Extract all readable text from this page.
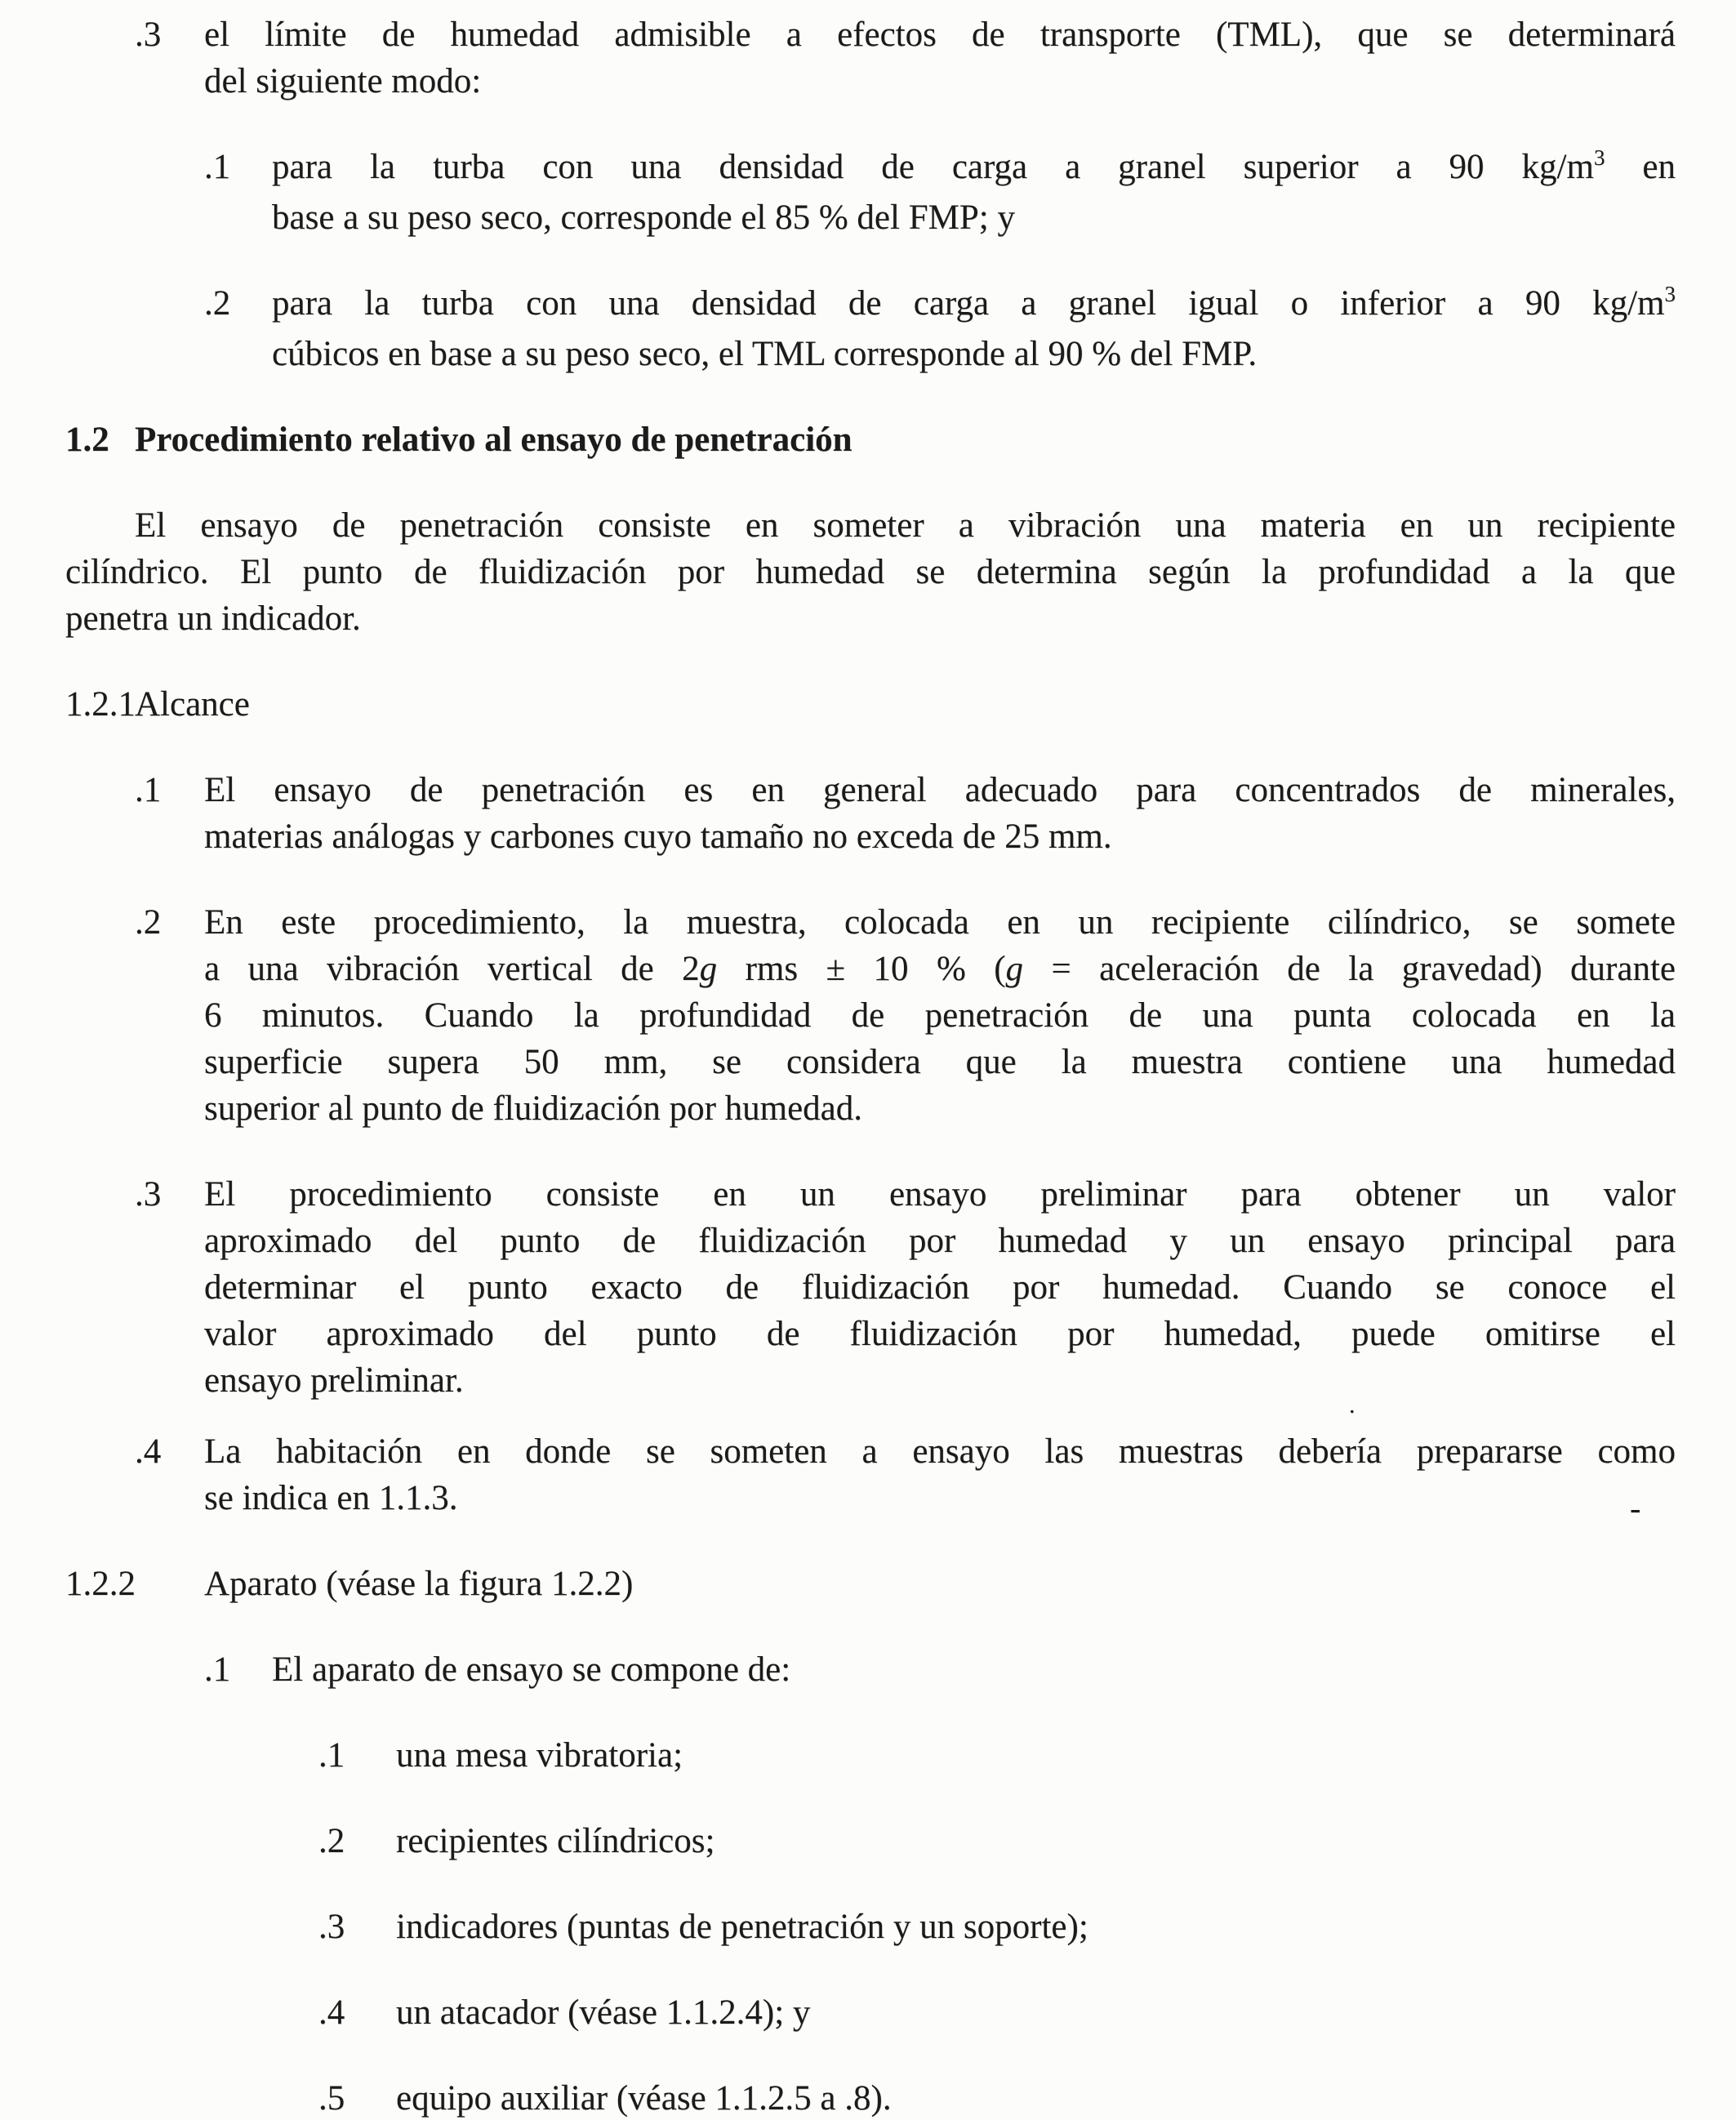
.3 el límite de humedad admisible a efectos de transporte (TML), que se determinará
del siguiente modo:
.1 para la turba con una densidad de carga a granel superior a 90 $kg/m^3$ en
base a su peso seco, corresponde el 85 % del FMP; y
.2 para la turba con una densidad de carga a granel igual o inferior a 90 $kg/m^3$
cúbicos en base a su peso seco, el TML corresponde al 90 % del FMP.
1.2 Procedimiento relativo al ensayo de penetración
El ensayo de penetración consiste en someter a vibración una materia en un recipiente
cilíndrico. El punto de fluidización por humedad se determina según la profundidad a la que
penetra un indicador.
1.2.1 Alcance
.1 El ensayo de penetración es en general adecuado para concentrados de minerales,
materias análogas y carbones cuyo tamaño no exceda de 25 mm.
.2 En este procedimiento, la muestra, colocada en un recipiente cilíndrico, se somete
a una vibración vertical de 2g rms ± 10 % (g = aceleración de la gravedad) durante
6 minutos. Cuando la profundidad de penetración de una punta colocada en la
superficie supera 50 mm, se considera que la muestra contiene una humedad
superior al punto de fluidización por humedad.
.3 El procedimiento consiste en un ensayo preliminar para obtener un valor
aproximado del punto de fluidización por humedad y un ensayo principal para
determinar el punto exacto de fluidización por humedad. Cuando se conoce el
valor aproximado del punto de fluidización por humedad, puede omitirse el
ensayo preliminar.
.4 La habitación en donde se someten a ensayo las muestras debería prepararse como
se indica en 1.1.3.
1.2.2 Aparato (véase la figura 1.2.2)
.1 El aparato de ensayo se compone de:
.1 una mesa vibratoria;
.2 recipientes cilíndricos;
.3 indicadores (puntas de penetración y un soporte);
.4 un atacador (véase 1.1.2.4); y
.5 equipo auxiliar (véase 1.1.2.5 a .8).
-
.
